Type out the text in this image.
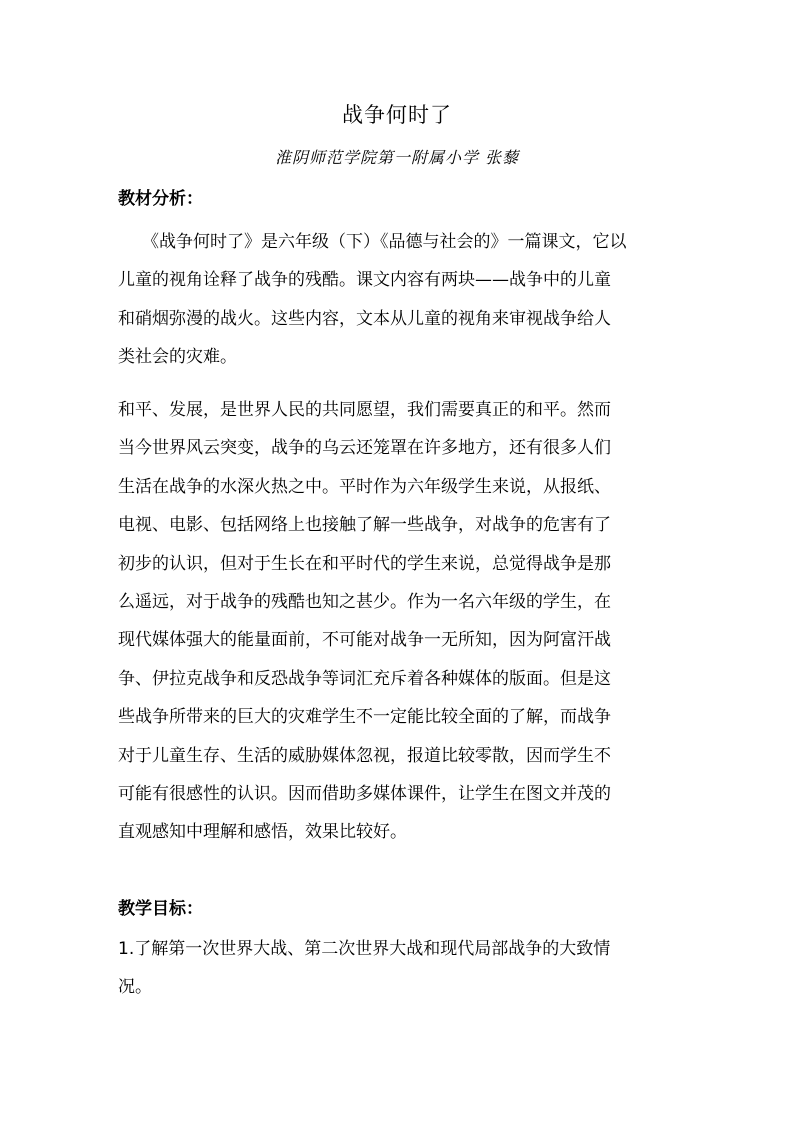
战争何时了
淮阴师范学院第一附属小学 张藜
教材分析：
《战争何时了》是六年级（下）《品德与社会的》一篇课文，它以
儿童的视角诠释了战争的残酷。课文内容有两块——战争中的儿童
和硝烟弥漫的战火。这些内容，文本从儿童的视角来审视战争给人
类社会的灾难。
和平、发展，是世界人民的共同愿望，我们需要真正的和平。然而
当今世界风云突变，战争的乌云还笼罩在许多地方，还有很多人们
生活在战争的水深火热之中。平时作为六年级学生来说，从报纸、
电视、电影、包括网络上也接触了解一些战争，对战争的危害有了
初步的认识，但对于生长在和平时代的学生来说，总觉得战争是那
么遥远，对于战争的残酷也知之甚少。作为一名六年级的学生，在
现代媒体强大的能量面前，不可能对战争一无所知，因为阿富汗战
争、伊拉克战争和反恐战争等词汇充斥着各种媒体的版面。但是这
些战争所带来的巨大的灾难学生不一定能比较全面的了解，而战争
对于儿童生存、生活的威胁媒体忽视，报道比较零散，因而学生不
可能有很感性的认识。因而借助多媒体课件，让学生在图文并茂的
直观感知中理解和感悟，效果比较好。
教学目标：
1.了解第一次世界大战、第二次世界大战和现代局部战争的大致情
况。
